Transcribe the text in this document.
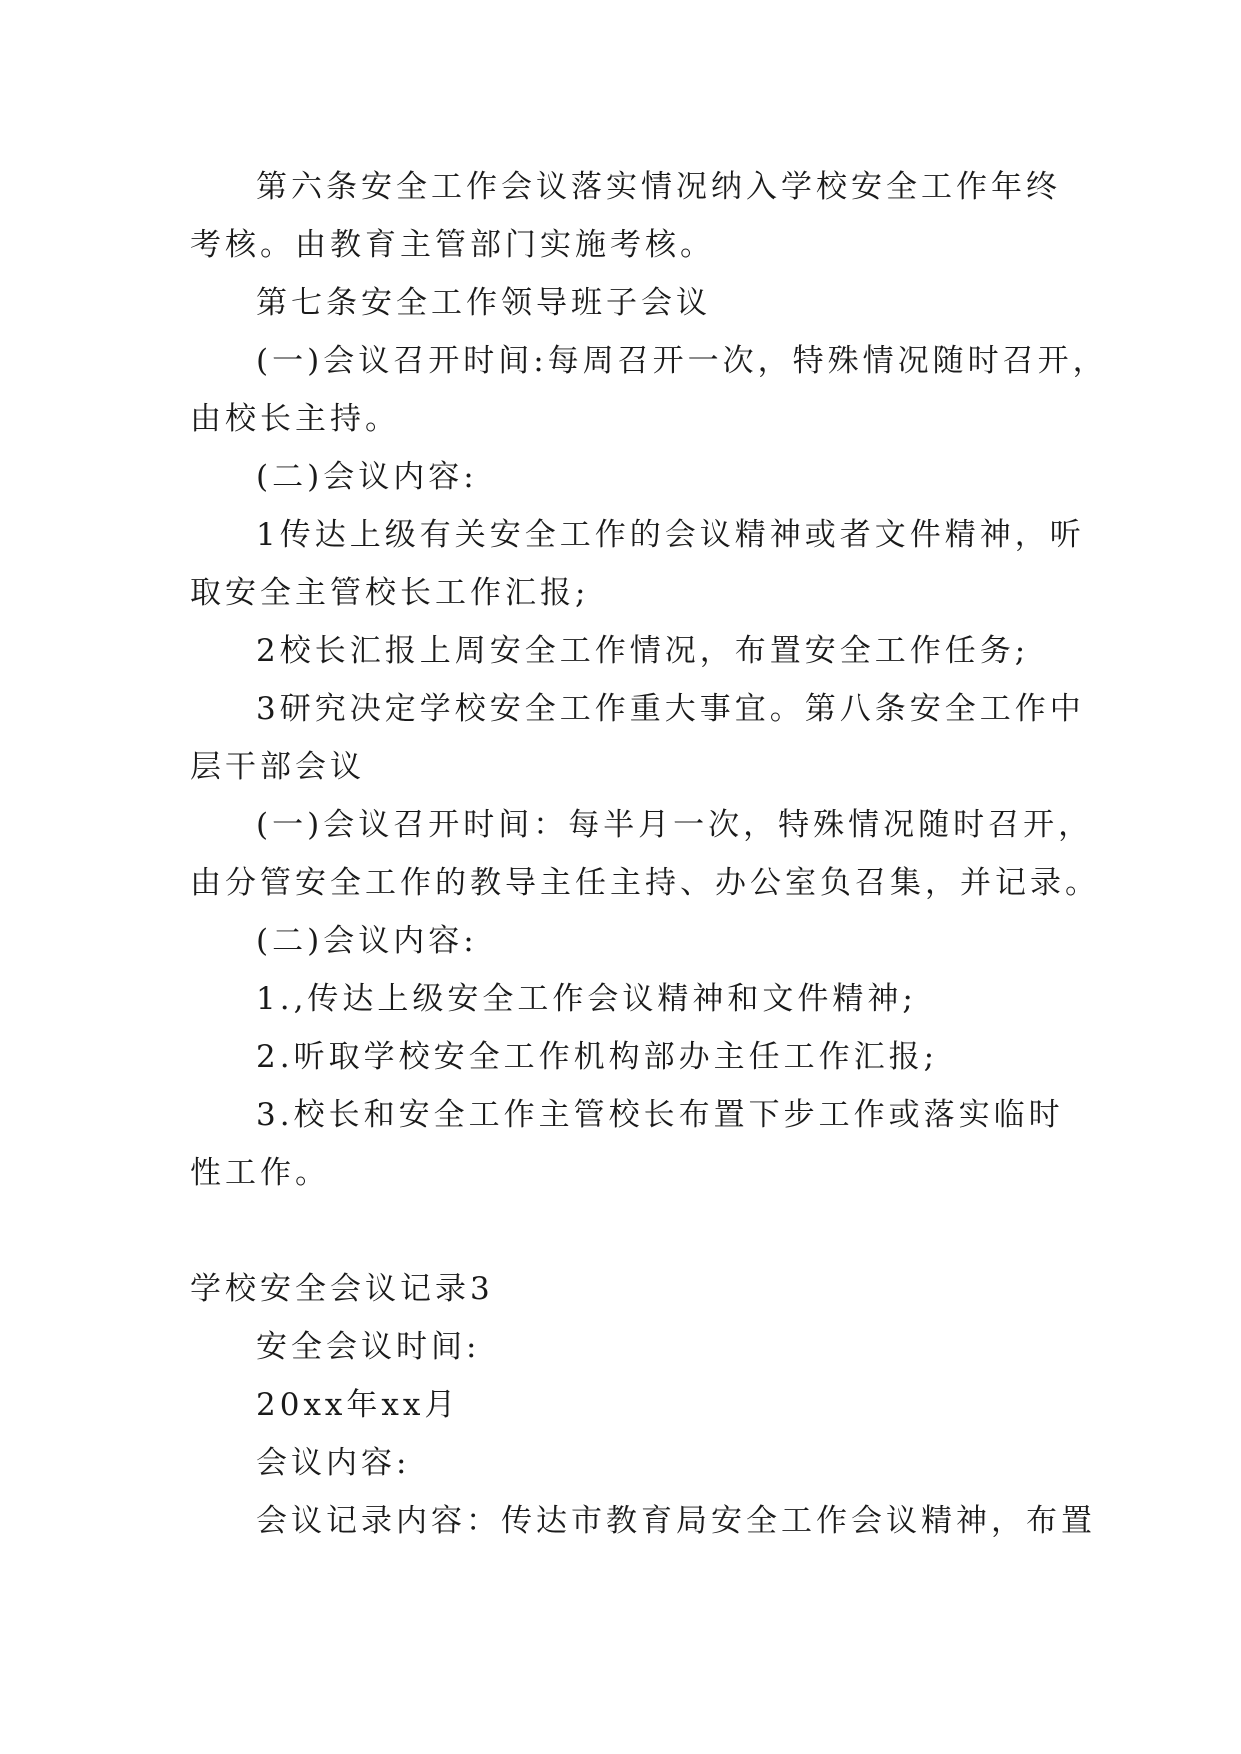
第六条安全工作会议落实情况纳入学校安全工作年终
考核。由教育主管部门实施考核。
第七条安全工作领导班子会议
(一)会议召开时间:每周召开一次，特殊情况随时召开，
由校长主持。
(二)会议内容:
1传达上级有关安全工作的会议精神或者文件精神，听
取安全主管校长工作汇报;
2校长汇报上周安全工作情况，布置安全工作任务;
3研究决定学校安全工作重大事宜。第八条安全工作中
层干部会议
(一)会议召开时间：每半月一次，特殊情况随时召开，
由分管安全工作的教导主任主持、办公室负召集，并记录。
(二)会议内容:
1.,传达上级安全工作会议精神和文件精神;
2.听取学校安全工作机构部办主任工作汇报;
3.校长和安全工作主管校长布置下步工作或落实临时
性工作。
学校安全会议记录3
安全会议时间:
20xx年xx月
会议内容:
会议记录内容：传达市教育局安全工作会议精神，布置
